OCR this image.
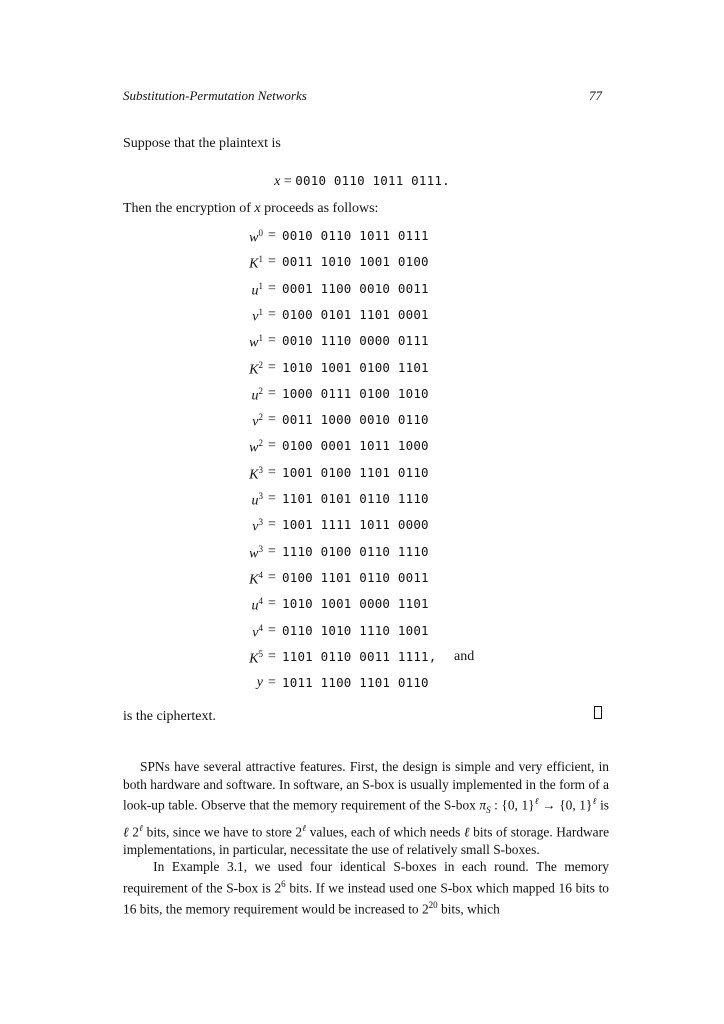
Substitution-Permutation Networks	77
Suppose that the plaintext is
x = 0010 0110 1011 0111.
Then the encryption of x proceeds as follows:
$w^0 = 0010$ 0110 1011 0111
$K^1 = 0011$ 1010 1001 0100
$u^1 = 0001$ 1100 0010 0011
$v^1 = 0100$ 0101 1101 0001
$w^1 = 0010$ 1110 0000 0111
$K^2 = 1010$ 1001 0100 1101
$u^2 = 1000$ 0111 0100 1010
$v^2 = 0011$ 1000 0010 0110
$w^2 = 0100$ 0001 1011 1000
$K^3 = 1001$ 0100 1101 0110
$u^3 = 1101$ 0101 0110 1110
$v^3 = 1001$ 1111 1011 0000
$w^3 = 1110$ 0100 0110 1110
$K^4 = 0100$ 1101 0110 0011
$u^4 = 1010$ 1001 0000 1101
$v^4 = 0110$ 1010 1110 1001
$K^5 = 1101$ 0110 0011 1111, and
y = 1011 1100 1101 0110
is the ciphertext.

SPNs have several attractive features. First, the design is simple and very efficient, in both hardware and software. In software, an S-box is usually implemented in the form of a look-up table. Observe that the memory requirement of the S-box $\pi_S$ : {0, 1}$^\ell$ → {0, 1}$^\ell$ is ℓ $2^\ell$ bits, since we have to store $2^\ell$ values, each of which needs ℓ bits of storage. Hardware implementations, in particular, necessitate the use of relatively small S-boxes.

In Example 3.1, we used four identical S-boxes in each round. The memory requirement of the S-box is $2^6$ bits. If we instead used one S-box which mapped 16 bits to 16 bits, the memory requirement would be increased to $2^{20}$ bits, which
